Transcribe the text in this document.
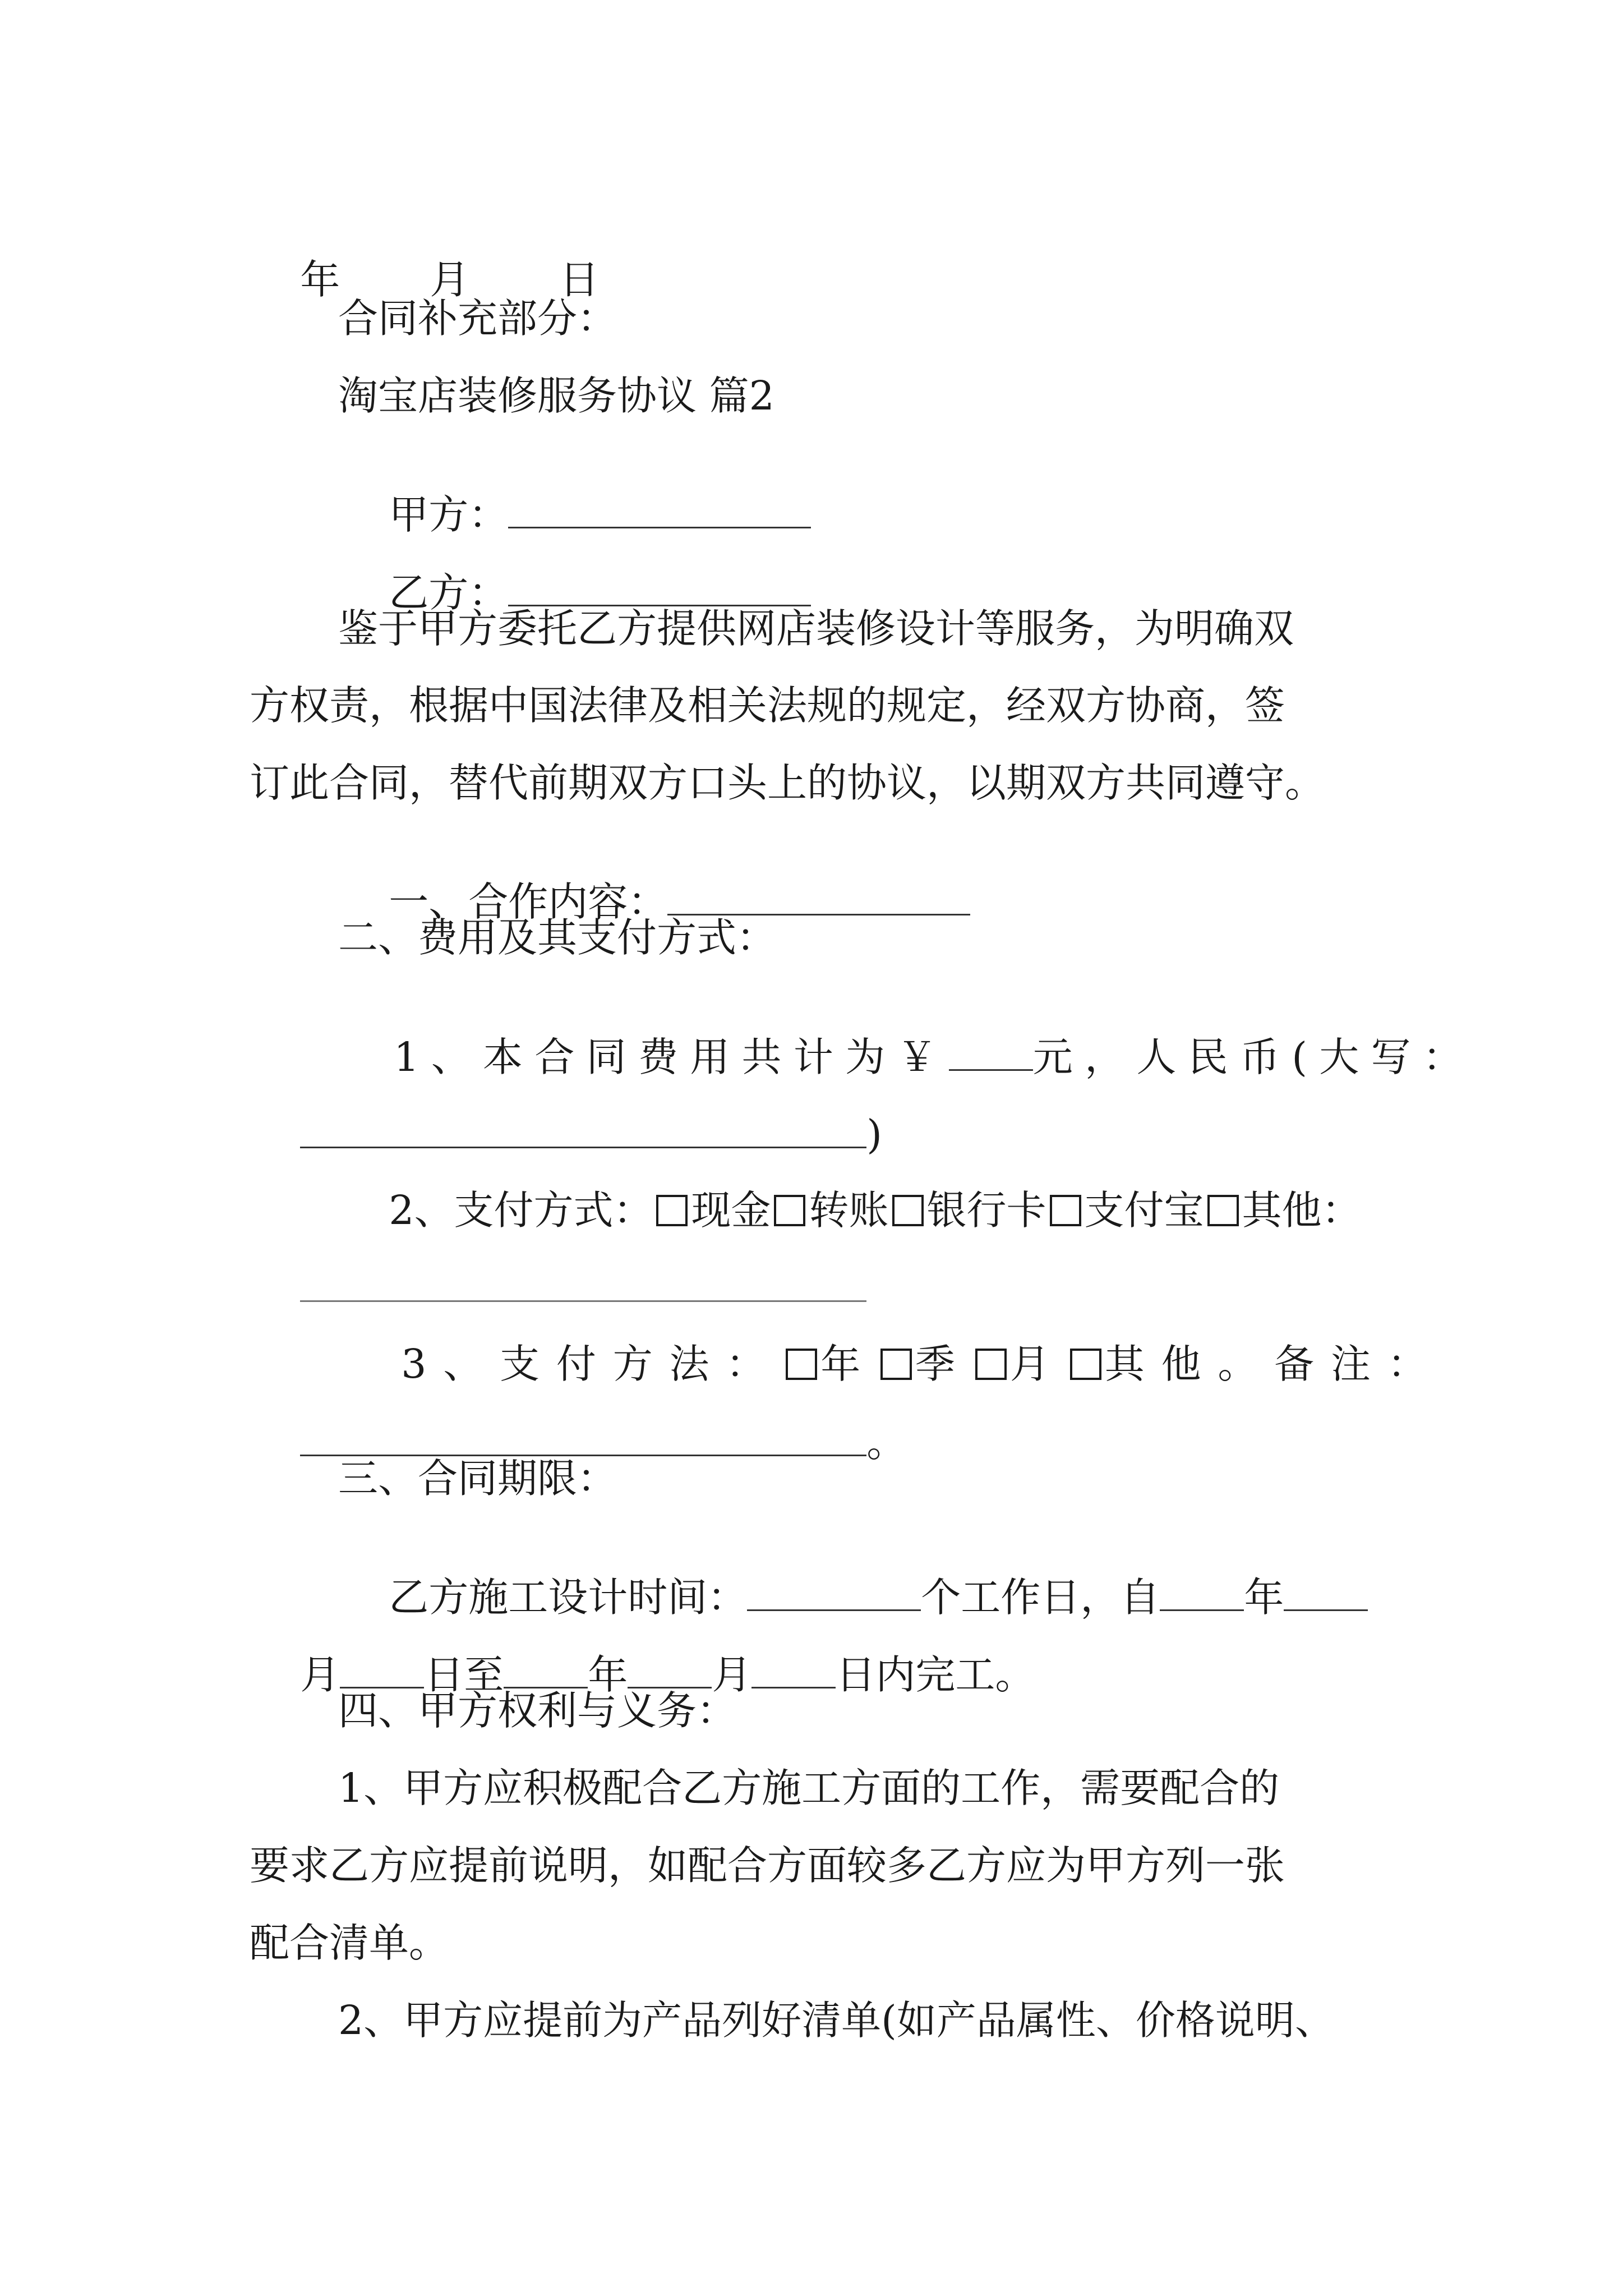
年 月 日

合同补充部分：
淘宝店装修服务协议 篇2

甲方：

乙方：

鉴于甲方委托乙方提供网店装修设计等服务，为明确双
方权责，根据中国法律及相关法规的规定，经双方协商，签
订此合同，替代前期双方口头上的协议，以期双方共同遵守。

一、合作内容：

二、费用及其支付方式：

1、本合同费用共计为￥ 元，人民币(大写：

)

2、支付方式： 现金 转账 银行卡 支付宝 其他：

3、支付方法： 年 季 月 其他。备注：

。

三、合同期限：

乙方施工设计时间：	个工作日，自 年

月 日至 年 月 日内完工。

四、甲方权利与义务：
1、甲方应积极配合乙方施工方面的工作，需要配合的
要求乙方应提前说明，如配合方面较多乙方应为甲方列一张
配合清单。
2、甲方应提前为产品列好清单(如产品属性、价格说明、
